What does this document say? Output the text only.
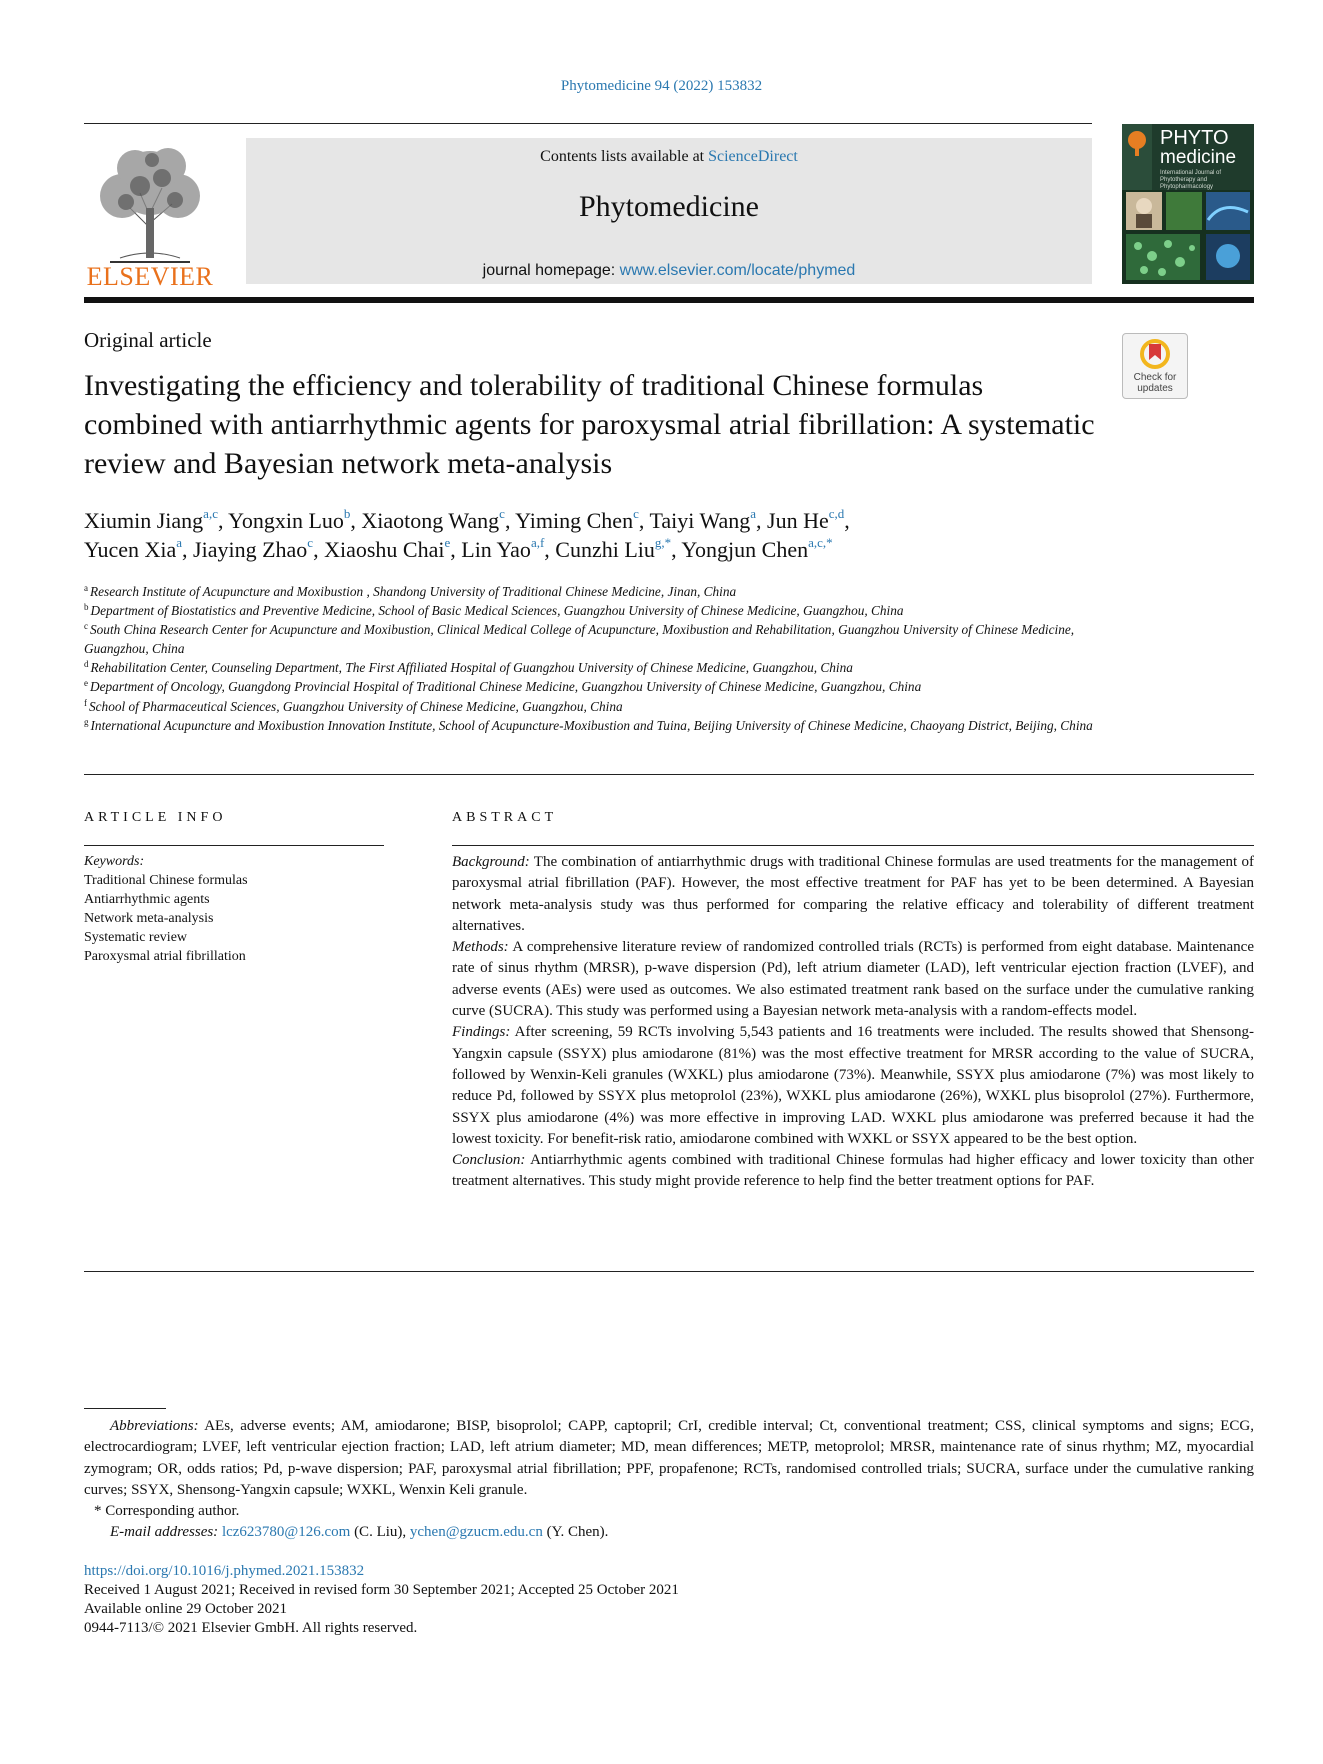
Phytomedicine 94 (2022) 153832
ELSEVIER
Contents lists available at ScienceDirect
Phytomedicine
journal homepage: www.elsevier.com/locate/phymed
PHYTO
medicine
International Journal of Phytotherapy and Phytopharmacology
Check for updates
Original article
Investigating the efficiency and tolerability of traditional Chinese formulas combined with antiarrhythmic agents for paroxysmal atrial fibrillation: A systematic review and Bayesian network meta-analysis
Xiumin Jiang$^{a,c}$, Yongxin Luo$^b$, Xiaotong Wang$^c$, Yiming Chen$^c$, Taiyi Wang$^a$, Jun He$^{c,d}$,
Yucen Xia$^a$, Jiaying Zhao$^c$, Xiaoshu Chai$^e$, Lin Yao$^{a,f}$, Cunzhi Liu$^{g,*}$, Yongjun Chen$^{a,c,*}$
$^a$ Research Institute of Acupuncture and Moxibustion , Shandong University of Traditional Chinese Medicine, Jinan, China
$^b$ Department of Biostatistics and Preventive Medicine, School of Basic Medical Sciences, Guangzhou University of Chinese Medicine, Guangzhou, China
$^c$ South China Research Center for Acupuncture and Moxibustion, Clinical Medical College of Acupuncture, Moxibustion and Rehabilitation, Guangzhou University of Chinese Medicine, Guangzhou, China
$^d$ Rehabilitation Center, Counseling Department, The First Affiliated Hospital of Guangzhou University of Chinese Medicine, Guangzhou, China
$^e$ Department of Oncology, Guangdong Provincial Hospital of Traditional Chinese Medicine, Guangzhou University of Chinese Medicine, Guangzhou, China
$^f$ School of Pharmaceutical Sciences, Guangzhou University of Chinese Medicine, Guangzhou, China
$^g$ International Acupuncture and Moxibustion Innovation Institute, School of Acupuncture-Moxibustion and Tuina, Beijing University of Chinese Medicine, Chaoyang District, Beijing, China
ARTICLE INFO
Keywords:
Traditional Chinese formulas
Antiarrhythmic agents
Network meta-analysis
Systematic review
Paroxysmal atrial fibrillation
ABSTRACT
Background: The combination of antiarrhythmic drugs with traditional Chinese formulas are used treatments for the management of paroxysmal atrial fibrillation (PAF). However, the most effective treatment for PAF has yet to be been determined. A Bayesian network meta-analysis study was thus performed for comparing the relative efficacy and tolerability of different treatment alternatives.
Methods: A comprehensive literature review of randomized controlled trials (RCTs) is performed from eight database. Maintenance rate of sinus rhythm (MRSR), p-wave dispersion (Pd), left atrium diameter (LAD), left ventricular ejection fraction (LVEF), and adverse events (AEs) were used as outcomes. We also estimated treatment rank based on the surface under the cumulative ranking curve (SUCRA). This study was performed using a Bayesian network meta-analysis with a random-effects model.
Findings: After screening, 59 RCTs involving 5,543 patients and 16 treatments were included. The results showed that Shensong-Yangxin capsule (SSYX) plus amiodarone (81%) was the most effective treatment for MRSR according to the value of SUCRA, followed by Wenxin-Keli granules (WXKL) plus amiodarone (73%). Meanwhile, SSYX plus amiodarone (7%) was most likely to reduce Pd, followed by SSYX plus metoprolol (23%), WXKL plus amiodarone (26%), WXKL plus bisoprolol (27%). Furthermore, SSYX plus amiodarone (4%) was more effective in improving LAD. WXKL plus amiodarone was preferred because it had the lowest toxicity. For benefit-risk ratio, amiodarone combined with WXKL or SSYX appeared to be the best option.
Conclusion: Antiarrhythmic agents combined with traditional Chinese formulas had higher efficacy and lower toxicity than other treatment alternatives. This study might provide reference to help find the better treatment options for PAF.
Abbreviations: AEs, adverse events; AM, amiodarone; BISP, bisoprolol; CAPP, captopril; CrI, credible interval; Ct, conventional treatment; CSS, clinical symptoms and signs; ECG, electrocardiogram; LVEF, left ventricular ejection fraction; LAD, left atrium diameter; MD, mean differences; METP, metoprolol; MRSR, maintenance rate of sinus rhythm; MZ, myocardial zymogram; OR, odds ratios; Pd, p-wave dispersion; PAF, paroxysmal atrial fibrillation; PPF, propafenone; RCTs, randomised controlled trials; SUCRA, surface under the cumulative ranking curves; SSYX, Shensong-Yangxin capsule; WXKL, Wenxin Keli granule.
* Corresponding author.
E-mail addresses: lcz623780@126.com (C. Liu), ychen@gzucm.edu.cn (Y. Chen).
https://doi.org/10.1016/j.phymed.2021.153832
Received 1 August 2021; Received in revised form 30 September 2021; Accepted 25 October 2021
Available online 29 October 2021
0944-7113/© 2021 Elsevier GmbH. All rights reserved.
